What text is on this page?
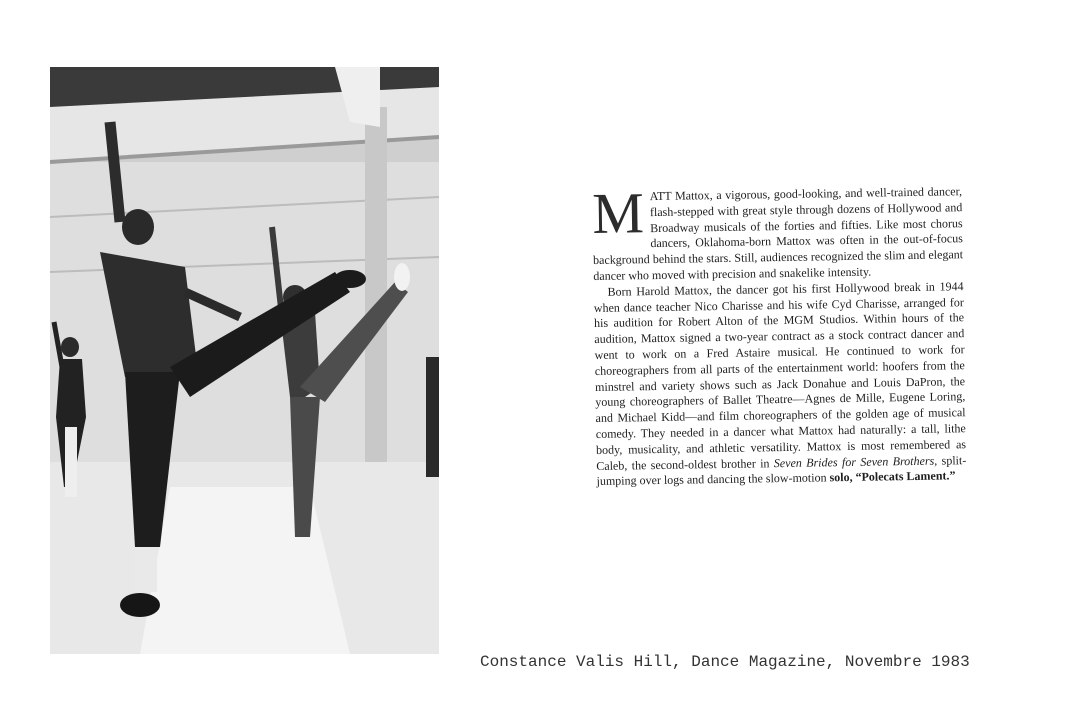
MATT Mattox, a vigorous, good-looking, and well-trained dancer, flash-stepped with great style through dozens of Hollywood and Broadway musicals of the forties and fifties. Like most chorus dancers, Oklahoma-born Mattox was often in the out-of-focus background behind the stars. Still, audiences recognized the slim and elegant dancer who moved with precision and snakelike intensity.

Born Harold Mattox, the dancer got his first Hollywood break in 1944 when dance teacher Nico Charisse and his wife Cyd Charisse, arranged for his audition for Robert Alton of the MGM Studios. Within hours of the audition, Mattox signed a two-year contract as a stock contract dancer and went to work on a Fred Astaire musical. He continued to work for choreographers from all parts of the entertainment world: hoofers from the minstrel and variety shows such as Jack Donahue and Louis DaPron, the young choreographers of Ballet Theatre—Agnes de Mille, Eugene Loring, and Michael Kidd—and film choreographers of the golden age of musical comedy. They needed in a dancer what Mattox had naturally: a tall, lithe body, musicality, and athletic versatility. Mattox is most remembered as Caleb, the second-oldest brother in Seven Brides for Seven Brothers, split-jumping over logs and dancing the slow-motion solo, “Polecats Lament.”

Constance Valis Hill, Dance Magazine, Novembre 1983
